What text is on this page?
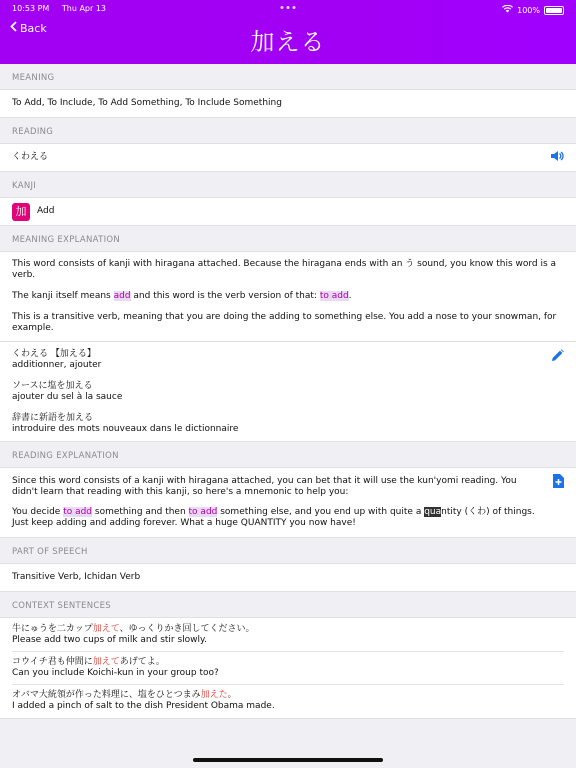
10:53 PM Thu Apr 13	100%
Back	加える
MEANING
To Add, To Include, To Add Something, To Include Something
READING
くわえる
KANJI
加	Add
MEANING EXPLANATION
This word consists of kanji with hiragana attached. Because the hiragana ends with an う sound, you know this word is a verb.
The kanji itself means add and this word is the verb version of that: to add.
This is a transitive verb, meaning that you are doing the adding to something else. You add a nose to your snowman, for example.
くわえる 【加える】
additionner, ajouter
ソースに塩を加える
ajouter du sel à la sauce
辞書に新語を加える
introduire des mots nouveaux dans le dictionnaire
READING EXPLANATION
Since this word consists of a kanji with hiragana attached, you can bet that it will use the kun'yomi reading. You didn't learn that reading with this kanji, so here's a mnemonic to help you:
You decide to add something and then to add something else, and you end up with quite a quantity (くわ) of things. Just keep adding and adding forever. What a huge QUANTITY you now have!
PART OF SPEECH
Transitive Verb, Ichidan Verb
CONTEXT SENTENCES
牛にゅうを二カップ加えて、ゆっくりかき回してください。
Please add two cups of milk and stir slowly.
コウイチ君も仲間に加えてあげてよ。
Can you include Koichi-kun in your group too?
オバマ大統領が作った料理に、塩をひとつまみ加えた。
I added a pinch of salt to the dish President Obama made.
